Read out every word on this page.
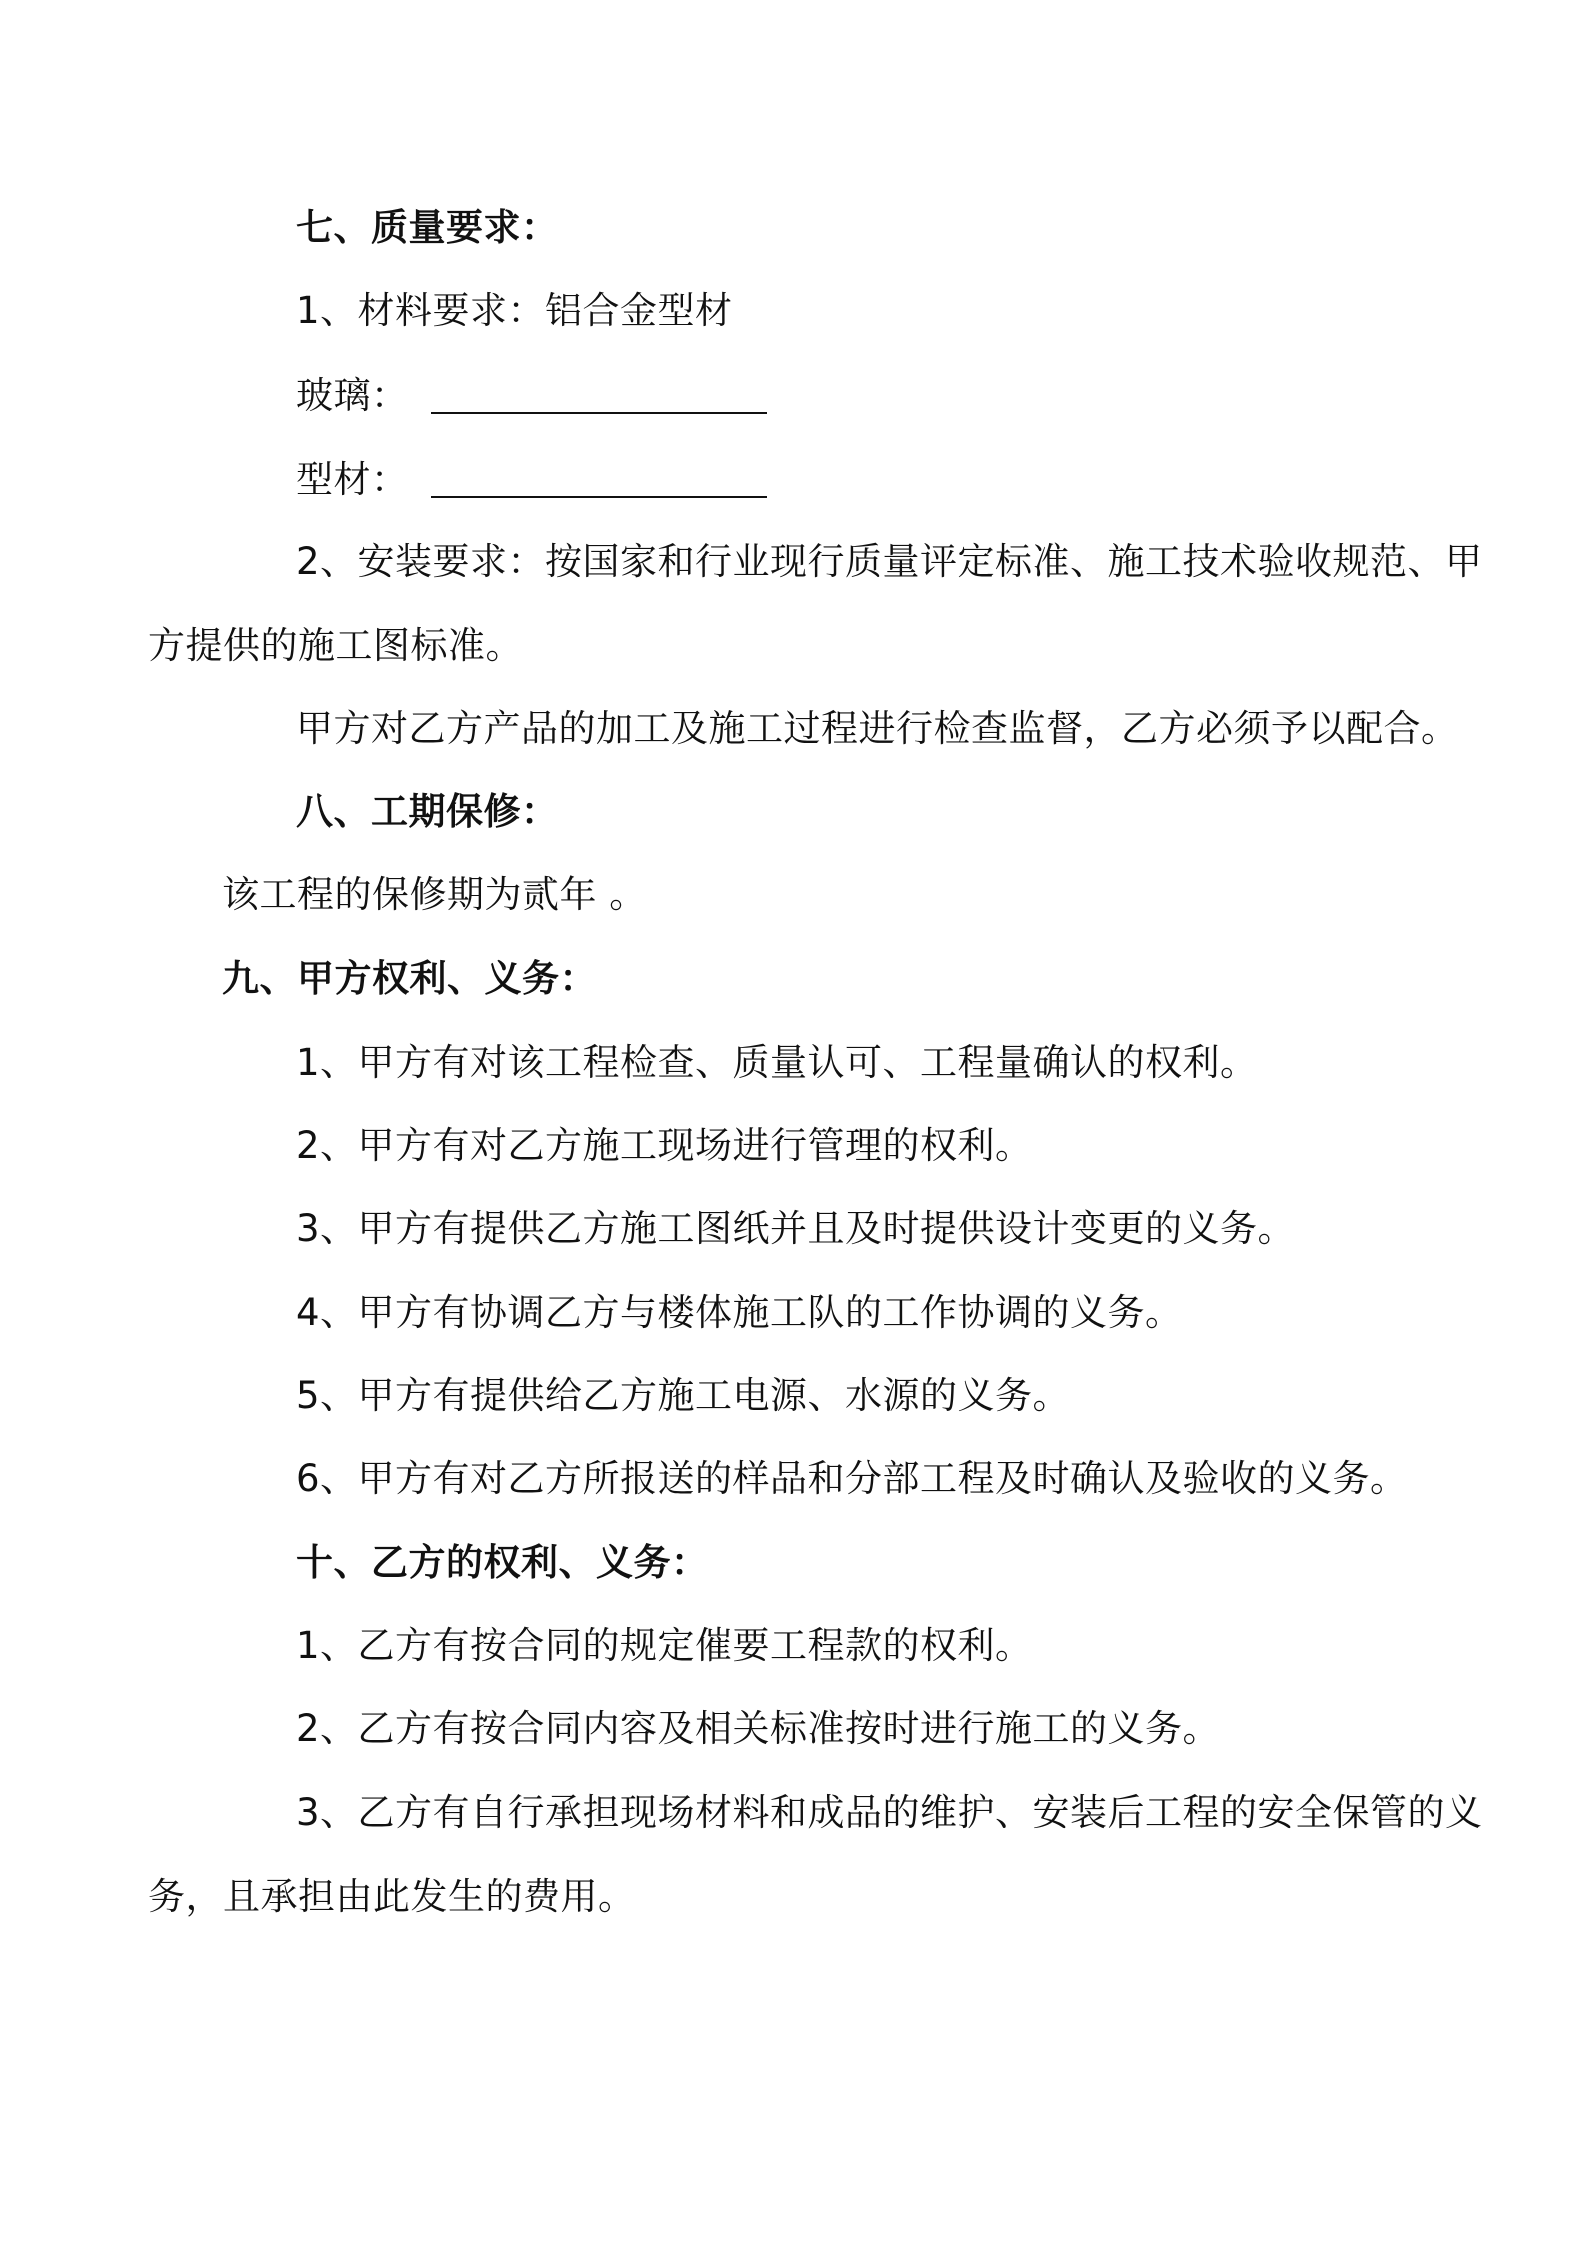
七、质量要求：
1、材料要求：铝合金型材
玻璃：
型材：
2、安装要求：按国家和行业现行质量评定标准、施工技术验收规范、甲
方提供的施工图标准。
甲方对乙方产品的加工及施工过程进行检查监督，乙方必须予以配合。
八、工期保修：
该工程的保修期为贰年 。
九、甲方权利、义务：
1、甲方有对该工程检查、质量认可、工程量确认的权利。
2、甲方有对乙方施工现场进行管理的权利。
3、甲方有提供乙方施工图纸并且及时提供设计变更的义务。
4、甲方有协调乙方与楼体施工队的工作协调的义务。
5、甲方有提供给乙方施工电源、水源的义务。
6、甲方有对乙方所报送的样品和分部工程及时确认及验收的义务。
十、乙方的权利、义务：
1、乙方有按合同的规定催要工程款的权利。
2、乙方有按合同内容及相关标准按时进行施工的义务。
3、乙方有自行承担现场材料和成品的维护、安装后工程的安全保管的义
务，且承担由此发生的费用。
